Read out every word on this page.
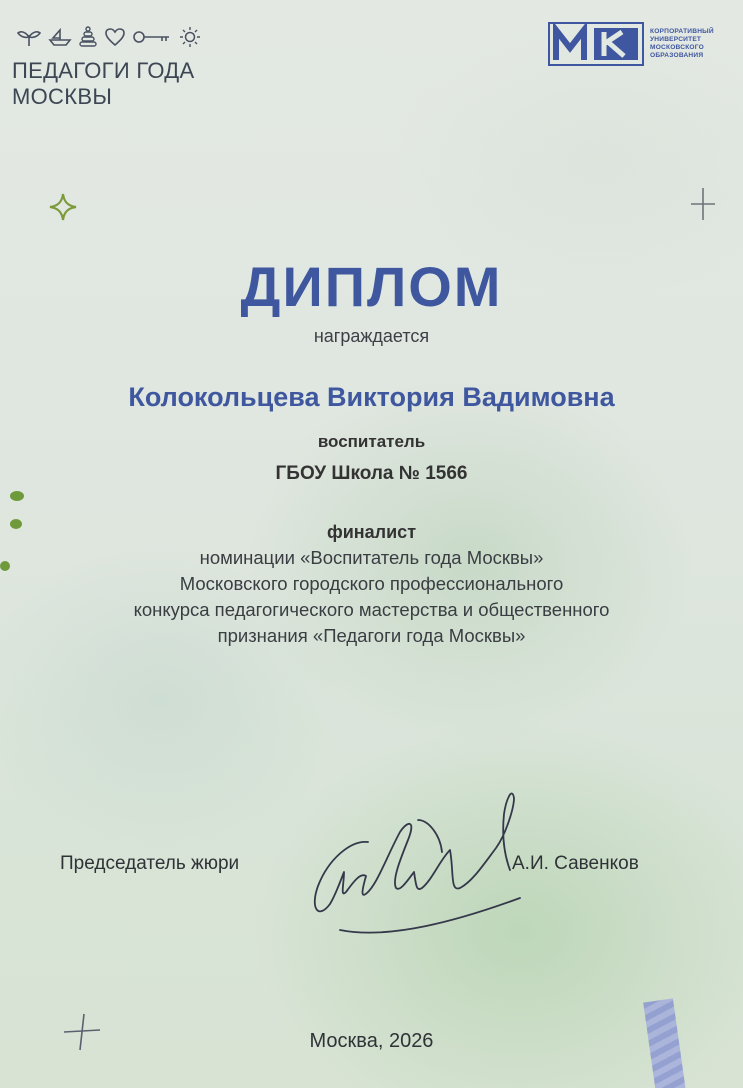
ПЕДАГОГИ ГОДА
МОСКВЫ
КОРПОРАТИВНЫЙ
УНИВЕРСИТЕТ
МОСКОВСКОГО
ОБРАЗОВАНИЯ
ДИПЛОМ
награждается
Колокольцева Виктория Вадимовна
воспитатель
ГБОУ Школа № 1566
финалист
номинации «Воспитатель года Москвы»
Московского городского профессионального
конкурса педагогического мастерства и общественного
признания «Педагоги года Москвы»
Председатель жюри	А.И. Савенков
Москва, 2026
